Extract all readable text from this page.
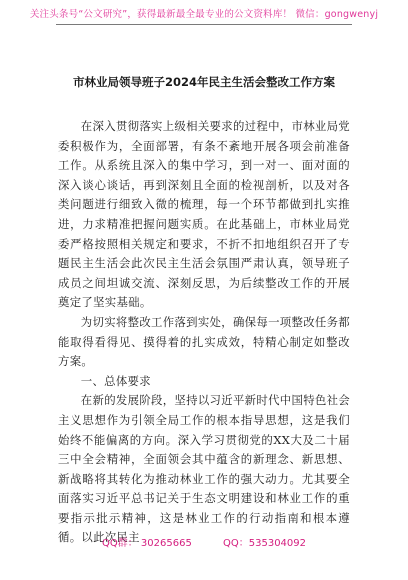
关注头条号“公文研究”，获得最新最全最专业的公文资料库！ 微信：gongwenyj
市林业局领导班子2024年民主生活会整改工作方案

在深入贯彻落实上级相关要求的过程中，市林业局党委积极作为，全面部署，有条不紊地开展各项会前准备工作。从系统且深入的集中学习，到一对一、面对面的深入谈心谈话，再到深刻且全面的检视剖析，以及对各类问题进行细致入微的梳理，每一个环节都做到扎实推进，力求精准把握问题实质。在此基础上，市林业局党委严格按照相关规定和要求，不折不扣地组织召开了专题民主生活会此次民主生活会氛围严肃认真，领导班子成员之间坦诚交流、深刻反思，为后续整改工作的开展奠定了坚实基础。

为切实将整改工作落到实处，确保每一项整改任务都能取得看得见、摸得着的扎实成效，特精心制定如整改方案。

一、总体要求

在新的发展阶段，坚持以习近平新时代中国特色社会主义思想作为引领全局工作的根本指导思想，这是我们始终不能偏离的方向。深入学习贯彻党的XX大及二十届三中全会精神，全面领会其中蕴含的新理念、新思想、新战略将其转化为推动林业工作的强大动力。尤其要全面落实习近平总书记关于生态文明建设和林业工作的重要指示批示精神，这是林业工作的行动指南和根本遵循。以此次民主

QQ群： 30265665	QQ：535304092
